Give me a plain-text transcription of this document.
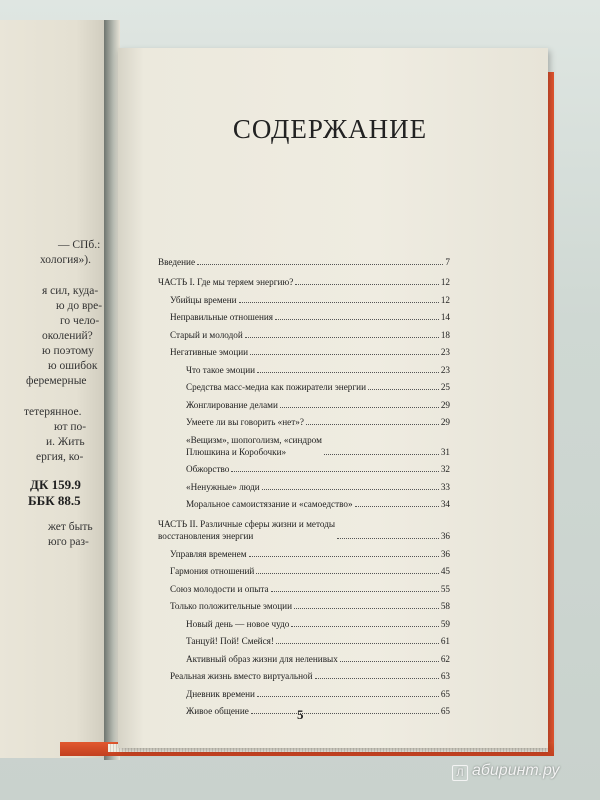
— СПб.:
хология»).
я сил, куда-
ю до вре-
го чело-
околений?
ю поэтому
ю ошибок
феремерные
тетерянное.
ют по-
и. Жить
ергия, ко-
ДК 159.9
ББК 88.5
жет быть
юго раз-
СОДЕРЖАНИЕ
Введение	7
ЧАСТЬ I. Где мы теряем энергию?	12
Убийцы времени	12
Неправильные отношения	14
Старый и молодой	18
Негативные эмоции	23
Что такое эмоции	23
Средства масс-медиа как пожиратели энергии	25
Жонглирование делами	29
Умеете ли вы говорить «нет»?	29
«Вещизм», шопоголизм, «синдром
Плюшкина и Коробочки»	31
Обжорство	32
«Ненужные» люди	33
Моральное самоистязание и «самоедство»	34
ЧАСТЬ II. Различные сферы жизни и методы
восстановления энергии	36
Управляя временем	36
Гармония отношений	45
Союз молодости и опыта	55
Только положительные эмоции	58
Новый день — новое чудо	59
Танцуй! Пой! Смейся!	61
Активный образ жизни для неленивых	62
Реальная жизнь вместо виртуальной	63
Дневник времени	65
Живое общение	65
5
Л абиринт.ру
